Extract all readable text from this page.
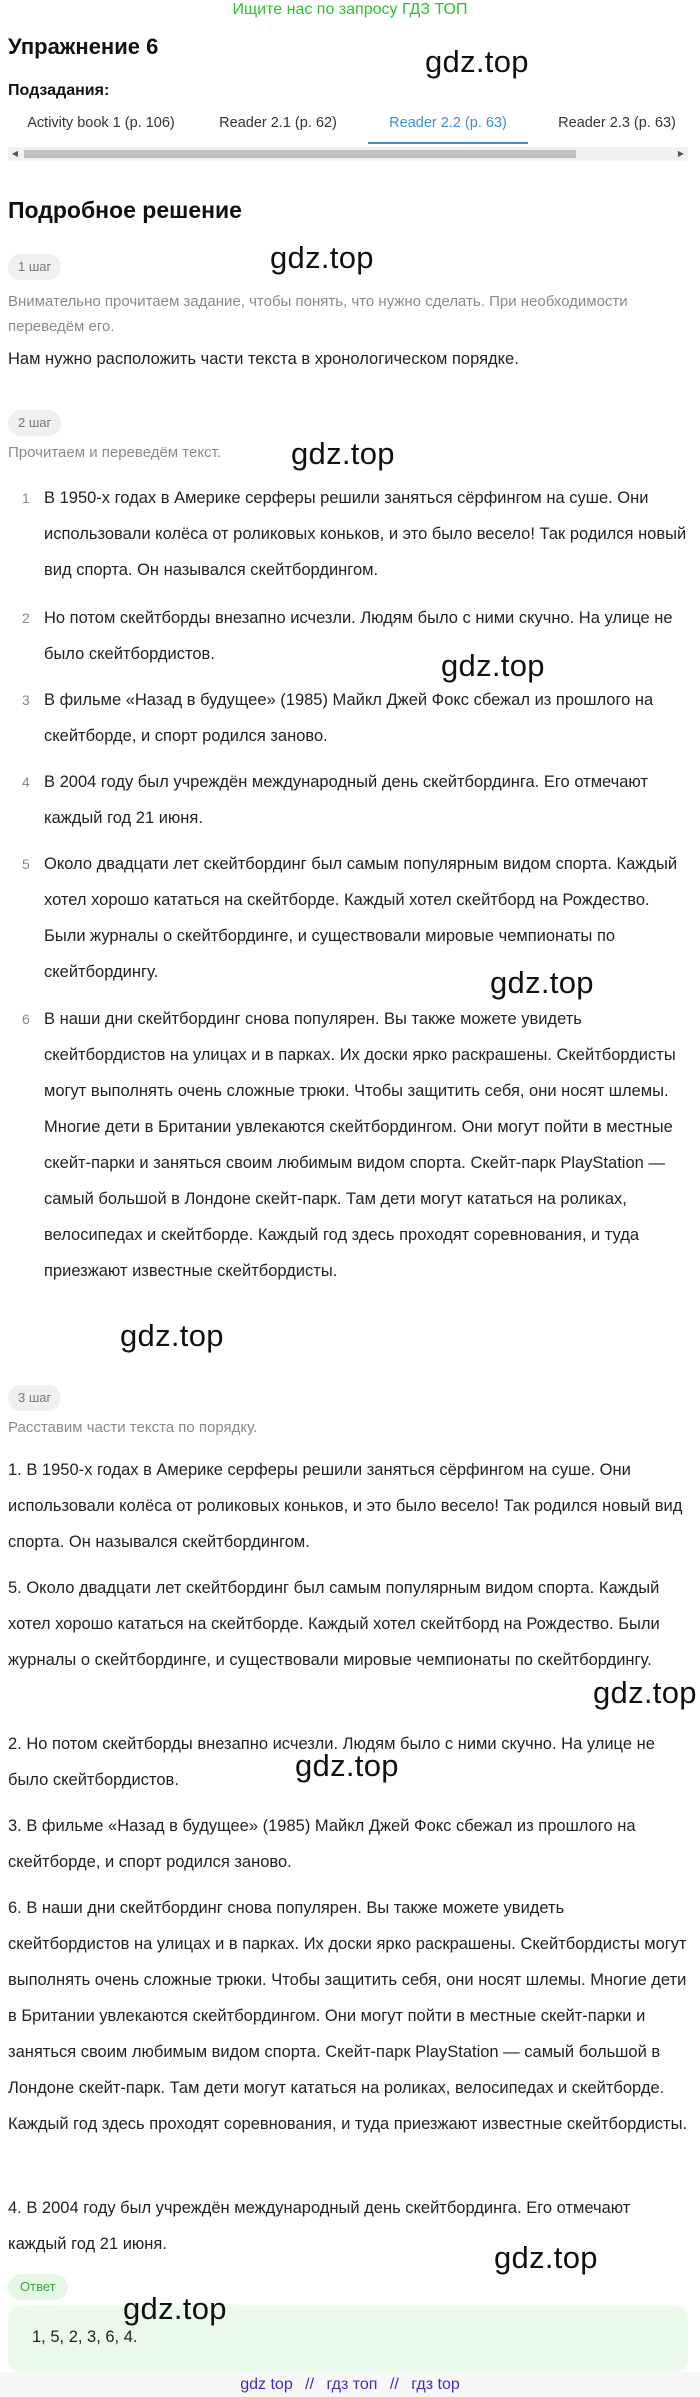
Ищите нас по запросу ГДЗ ТОП
Упражнение 6	gdz.top
Подзадания:
Activity book 1 (p. 106)	Reader 2.1 (p. 62)	Reader 2.2 (p. 63)	Reader 2.3 (p. 63)
◀	▶
Подробное решение
1 шаг	gdz.top
Внимательно прочитаем задание, чтобы понять, что нужно сделать. При необходимости переведём его.
Нам нужно расположить части текста в хронологическом порядке.
2 шаг
Прочитаем и переведём текст.	gdz.top
1 В 1950-х годах в Америке серферы решили заняться сёрфингом на суше. Они использовали колёса от роликовых коньков, и это было весело! Так родился новый вид спорта. Он назывался скейтбордингом.
2 Но потом скейтборды внезапно исчезли. Людям было с ними скучно. На улице не было скейтбордистов.	gdz.top
3 В фильме «Назад в будущее» (1985) Майкл Джей Фокс сбежал из прошлого на скейтборде, и спорт родился заново.
4 В 2004 году был учреждён международный день скейтбординга. Его отмечают каждый год 21 июня.
5 Около двадцати лет скейтбординг был самым популярным видом спорта. Каждый хотел хорошо кататься на скейтборде. Каждый хотел скейтборд на Рождество. Были журналы о скейтбординге, и существовали мировые чемпионаты по скейтбордингу.	gdz.top
6 В наши дни скейтбординг снова популярен. Вы также можете увидеть скейтбордистов на улицах и в парках. Их доски ярко раскрашены. Скейтбордисты могут выполнять очень сложные трюки. Чтобы защитить себя, они носят шлемы. Многие дети в Британии увлекаются скейтбордингом. Они могут пойти в местные скейт-парки и заняться своим любимым видом спорта. Скейт-парк PlayStation — самый большой в Лондоне скейт-парк. Там дети могут кататься на роликах, велосипедах и скейтборде. Каждый год здесь проходят соревнования, и туда приезжают известные скейтбордисты.
gdz.top
3 шаг
Расставим части текста по порядку.
1. В 1950-х годах в Америке серферы решили заняться сёрфингом на суше. Они использовали колёса от роликовых коньков, и это было весело! Так родился новый вид спорта. Он назывался скейтбордингом.
5. Около двадцати лет скейтбординг был самым популярным видом спорта. Каждый хотел хорошо кататься на скейтборде. Каждый хотел скейтборд на Рождество. Были журналы о скейтбординге, и существовали мировые чемпионаты по скейтбордингу.
gdz.top
2. Но потом скейтборды внезапно исчезли. Людям было с ними скучно. На улице не было скейтбордистов.	gdz.top
3. В фильме «Назад в будущее» (1985) Майкл Джей Фокс сбежал из прошлого на скейтборде, и спорт родился заново.
6. В наши дни скейтбординг снова популярен. Вы также можете увидеть скейтбордистов на улицах и в парках. Их доски ярко раскрашены. Скейтбордисты могут выполнять очень сложные трюки. Чтобы защитить себя, они носят шлемы. Многие дети в Британии увлекаются скейтбордингом. Они могут пойти в местные скейт-парки и заняться своим любимым видом спорта. Скейт-парк PlayStation — самый большой в Лондоне скейт-парк. Там дети могут кататься на роликах, велосипедах и скейтборде. Каждый год здесь проходят соревнования, и туда приезжают известные скейтбордисты.
4. В 2004 году был учреждён международный день скейтбординга. Его отмечают каждый год 21 июня.	gdz.top
Ответ
1, 5, 2, 3, 6, 4.
gdz.top
gdz top // гдз топ // гдз top
